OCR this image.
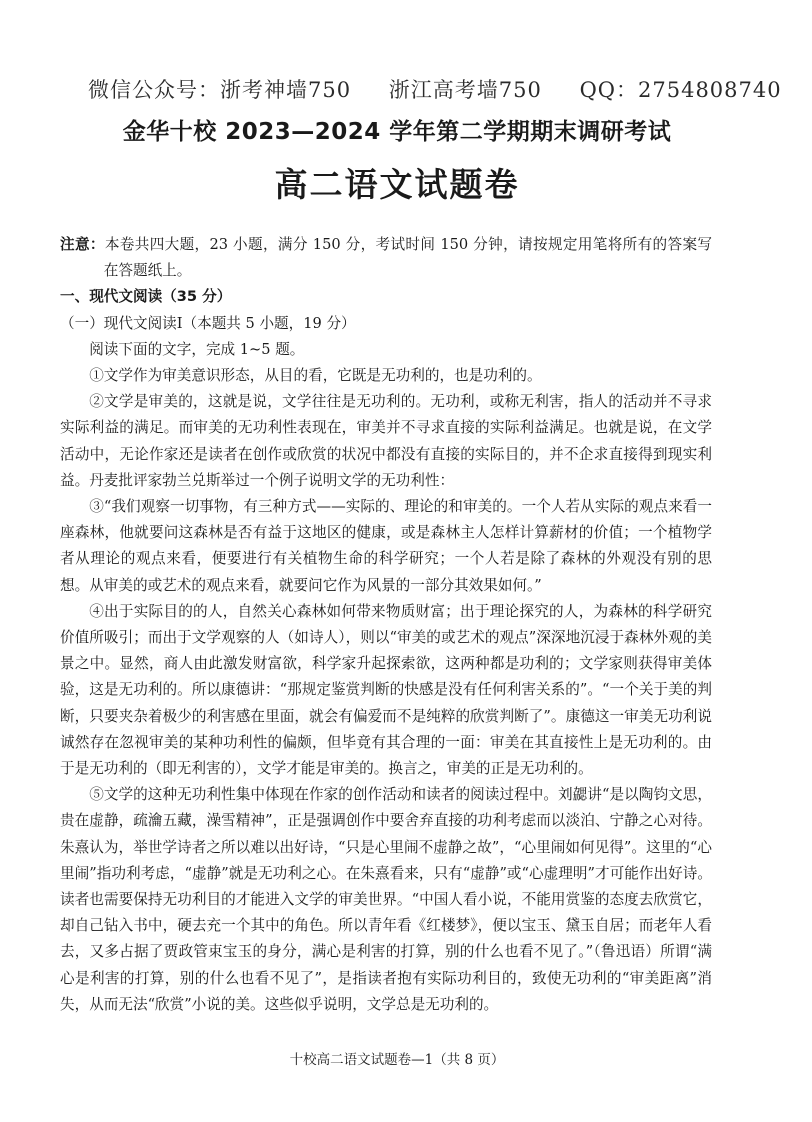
微信公众号：浙考神墙750 浙江高考墙750 QQ：2754808740
金华十校 2023—2024 学年第二学期期末调研考试
高二语文试题卷

注意：本卷共四大题，23 小题，满分 150 分，考试时间 150 分钟，请按规定用笔将所有的答案写在答题纸上。

一、现代文阅读（35 分）

（一）现代文阅读Ⅰ（本题共 5 小题，19 分）

阅读下面的文字，完成 1~5 题。

①文学作为审美意识形态，从目的看，它既是无功利的，也是功利的。

②文学是审美的，这就是说，文学往往是无功利的。无功利，或称无利害，指人的活动并不寻求实际利益的满足。而审美的无功利性表现在，审美并不寻求直接的实际利益满足。也就是说，在文学活动中，无论作家还是读者在创作或欣赏的状况中都没有直接的实际目的，并不企求直接得到现实利益。丹麦批评家勃兰兑斯举过一个例子说明文学的无功利性：

③“我们观察一切事物，有三种方式——实际的、理论的和审美的。一个人若从实际的观点来看一座森林，他就要问这森林是否有益于这地区的健康，或是森林主人怎样计算薪材的价值；一个植物学者从理论的观点来看，便要进行有关植物生命的科学研究；一个人若是除了森林的外观没有别的思想。从审美的或艺术的观点来看，就要问它作为风景的一部分其效果如何。”

④出于实际目的的人，自然关心森林如何带来物质财富；出于理论探究的人，为森林的科学研究价值所吸引；而出于文学观察的人（如诗人），则以“审美的或艺术的观点”深深地沉浸于森林外观的美景之中。显然，商人由此激发财富欲，科学家升起探索欲，这两种都是功利的；文学家则获得审美体验，这是无功利的。所以康德讲：“那规定鉴赏判断的快感是没有任何利害关系的”。“一个关于美的判断，只要夹杂着极少的利害感在里面，就会有偏爱而不是纯粹的欣赏判断了”。康德这一审美无功利说诚然存在忽视审美的某种功利性的偏颇，但毕竟有其合理的一面：审美在其直接性上是无功利的。由于是无功利的（即无利害的），文学才能是审美的。换言之，审美的正是无功利的。

⑤文学的这种无功利性集中体现在作家的创作活动和读者的阅读过程中。刘勰讲“是以陶钧文思，贵在虚静，疏瀹五藏，澡雪精神”，正是强调创作中要舍弃直接的功利考虑而以淡泊、宁静之心对待。朱熹认为，举世学诗者之所以难以出好诗，“只是心里闹不虚静之故”，“心里闹如何见得”。这里的“心里闹”指功利考虑，“虚静”就是无功利之心。在朱熹看来，只有“虚静”或“心虚理明”才可能作出好诗。读者也需要保持无功利目的才能进入文学的审美世界。“中国人看小说，不能用赏鉴的态度去欣赏它，却自己钻入书中，硬去充一个其中的角色。所以青年看《红楼梦》，便以宝玉、黛玉自居；而老年人看去，又多占据了贾政管束宝玉的身分，满心是利害的打算，别的什么也看不见了。”（鲁迅语）所谓“满心是利害的打算，别的什么也看不见了”，是指读者抱有实际功利目的，致使无功利的“审美距离”消失，从而无法“欣赏”小说的美。这些似乎说明，文学总是无功利的。

十校高二语文试题卷—1（共 8 页）
